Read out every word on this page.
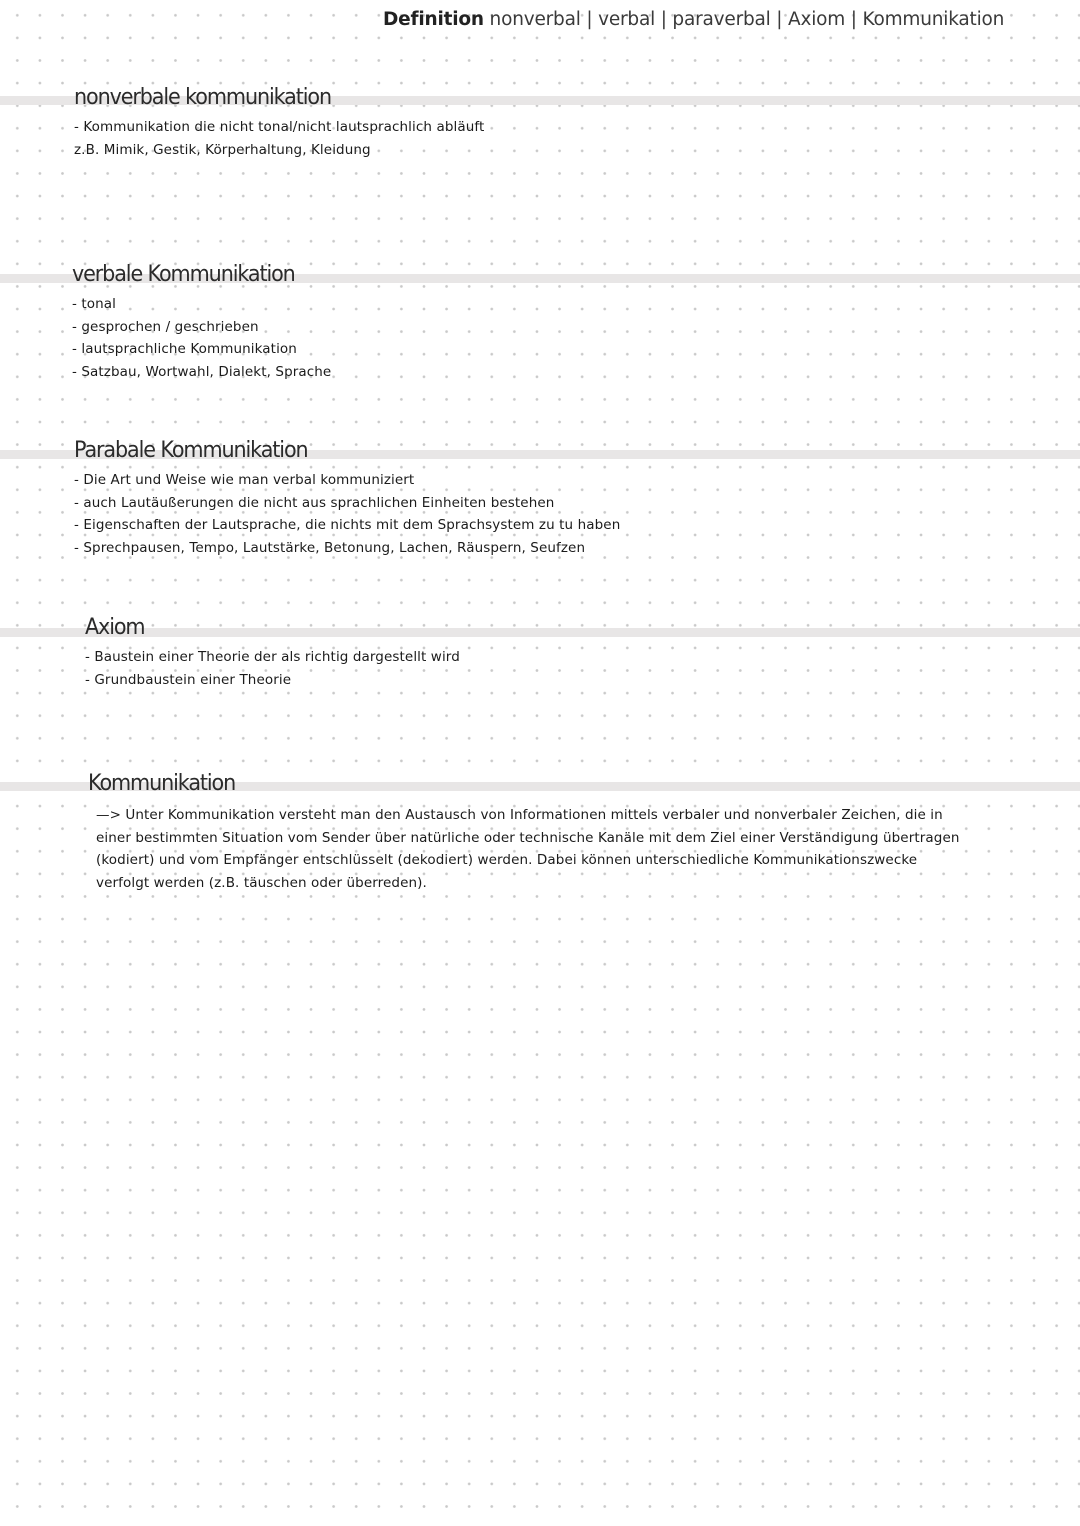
Definition nonverbal | verbal | paraverbal | Axiom | Kommunikation
nonverbale kommunikation
- Kommunikation die nicht tonal/nicht lautsprachlich abläuft
z.B. Mimik, Gestik, Körperhaltung, Kleidung
verbale Kommunikation
- tonal
- gesprochen / geschrieben
- lautsprachliche Kommunikation
- Satzbau, Wortwahl, Dialekt, Sprache
Parabale Kommunikation
- Die Art und Weise wie man verbal kommuniziert
- auch Lautäußerungen die nicht aus sprachlichen Einheiten bestehen
- Eigenschaften der Lautsprache, die nichts mit dem Sprachsystem zu tu haben
- Sprechpausen, Tempo, Lautstärke, Betonung, Lachen, Räuspern, Seufzen
Axiom
- Baustein einer Theorie der als richtig dargestellt wird
- Grundbaustein einer Theorie
Kommunikation
—> Unter Kommunikation versteht man den Austausch von Informationen mittels verbaler und nonverbaler Zeichen, die in
einer bestimmten Situation vom Sender über natürliche oder technische Kanäle mit dem Ziel einer Verständigung übertragen
(kodiert) und vom Empfänger entschlüsselt (dekodiert) werden. Dabei können unterschiedliche Kommunikationszwecke
verfolgt werden (z.B. täuschen oder überreden).
